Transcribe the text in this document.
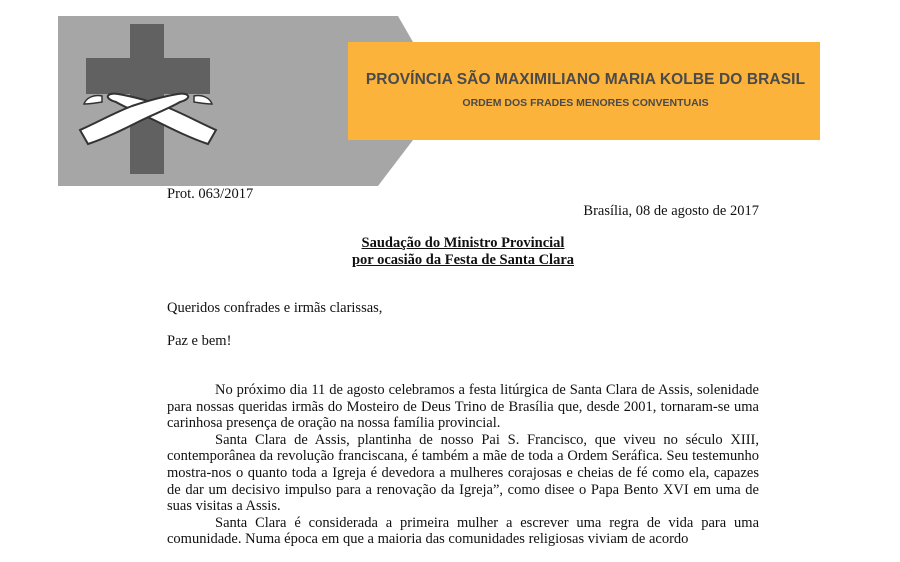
PROVÍNCIA SÃO MAXIMILIANO MARIA KOLBE DO BRASIL
ORDEM DOS FRADES MENORES CONVENTUAIS
Prot. 063/2017
Brasília, 08 de agosto de 2017
Saudação do Ministro Provincial
por ocasião da Festa de Santa Clara
Queridos confrades e irmãs clarissas,
Paz e bem!

No próximo dia 11 de agosto celebramos a festa litúrgica de Santa Clara de Assis, solenidade para nossas queridas irmãs do Mosteiro de Deus Trino de Brasília que, desde 2001, tornaram-se uma carinhosa presença de oração na nossa família provincial.

Santa Clara de Assis, plantinha de nosso Pai S. Francisco, que viveu no século XIII, contemporânea da revolução franciscana, é também a mãe de toda a Ordem Seráfica. Seu testemunho mostra-nos o quanto toda a Igreja é devedora a mulheres corajosas e cheias de fé como ela, capazes de dar um decisivo impulso para a renovação da Igreja”, como disee o Papa Bento XVI em uma de suas visitas a Assis.

Santa Clara é considerada a primeira mulher a escrever uma regra de vida para uma comunidade. Numa época em que a maioria das comunidades religiosas viviam de acordo
